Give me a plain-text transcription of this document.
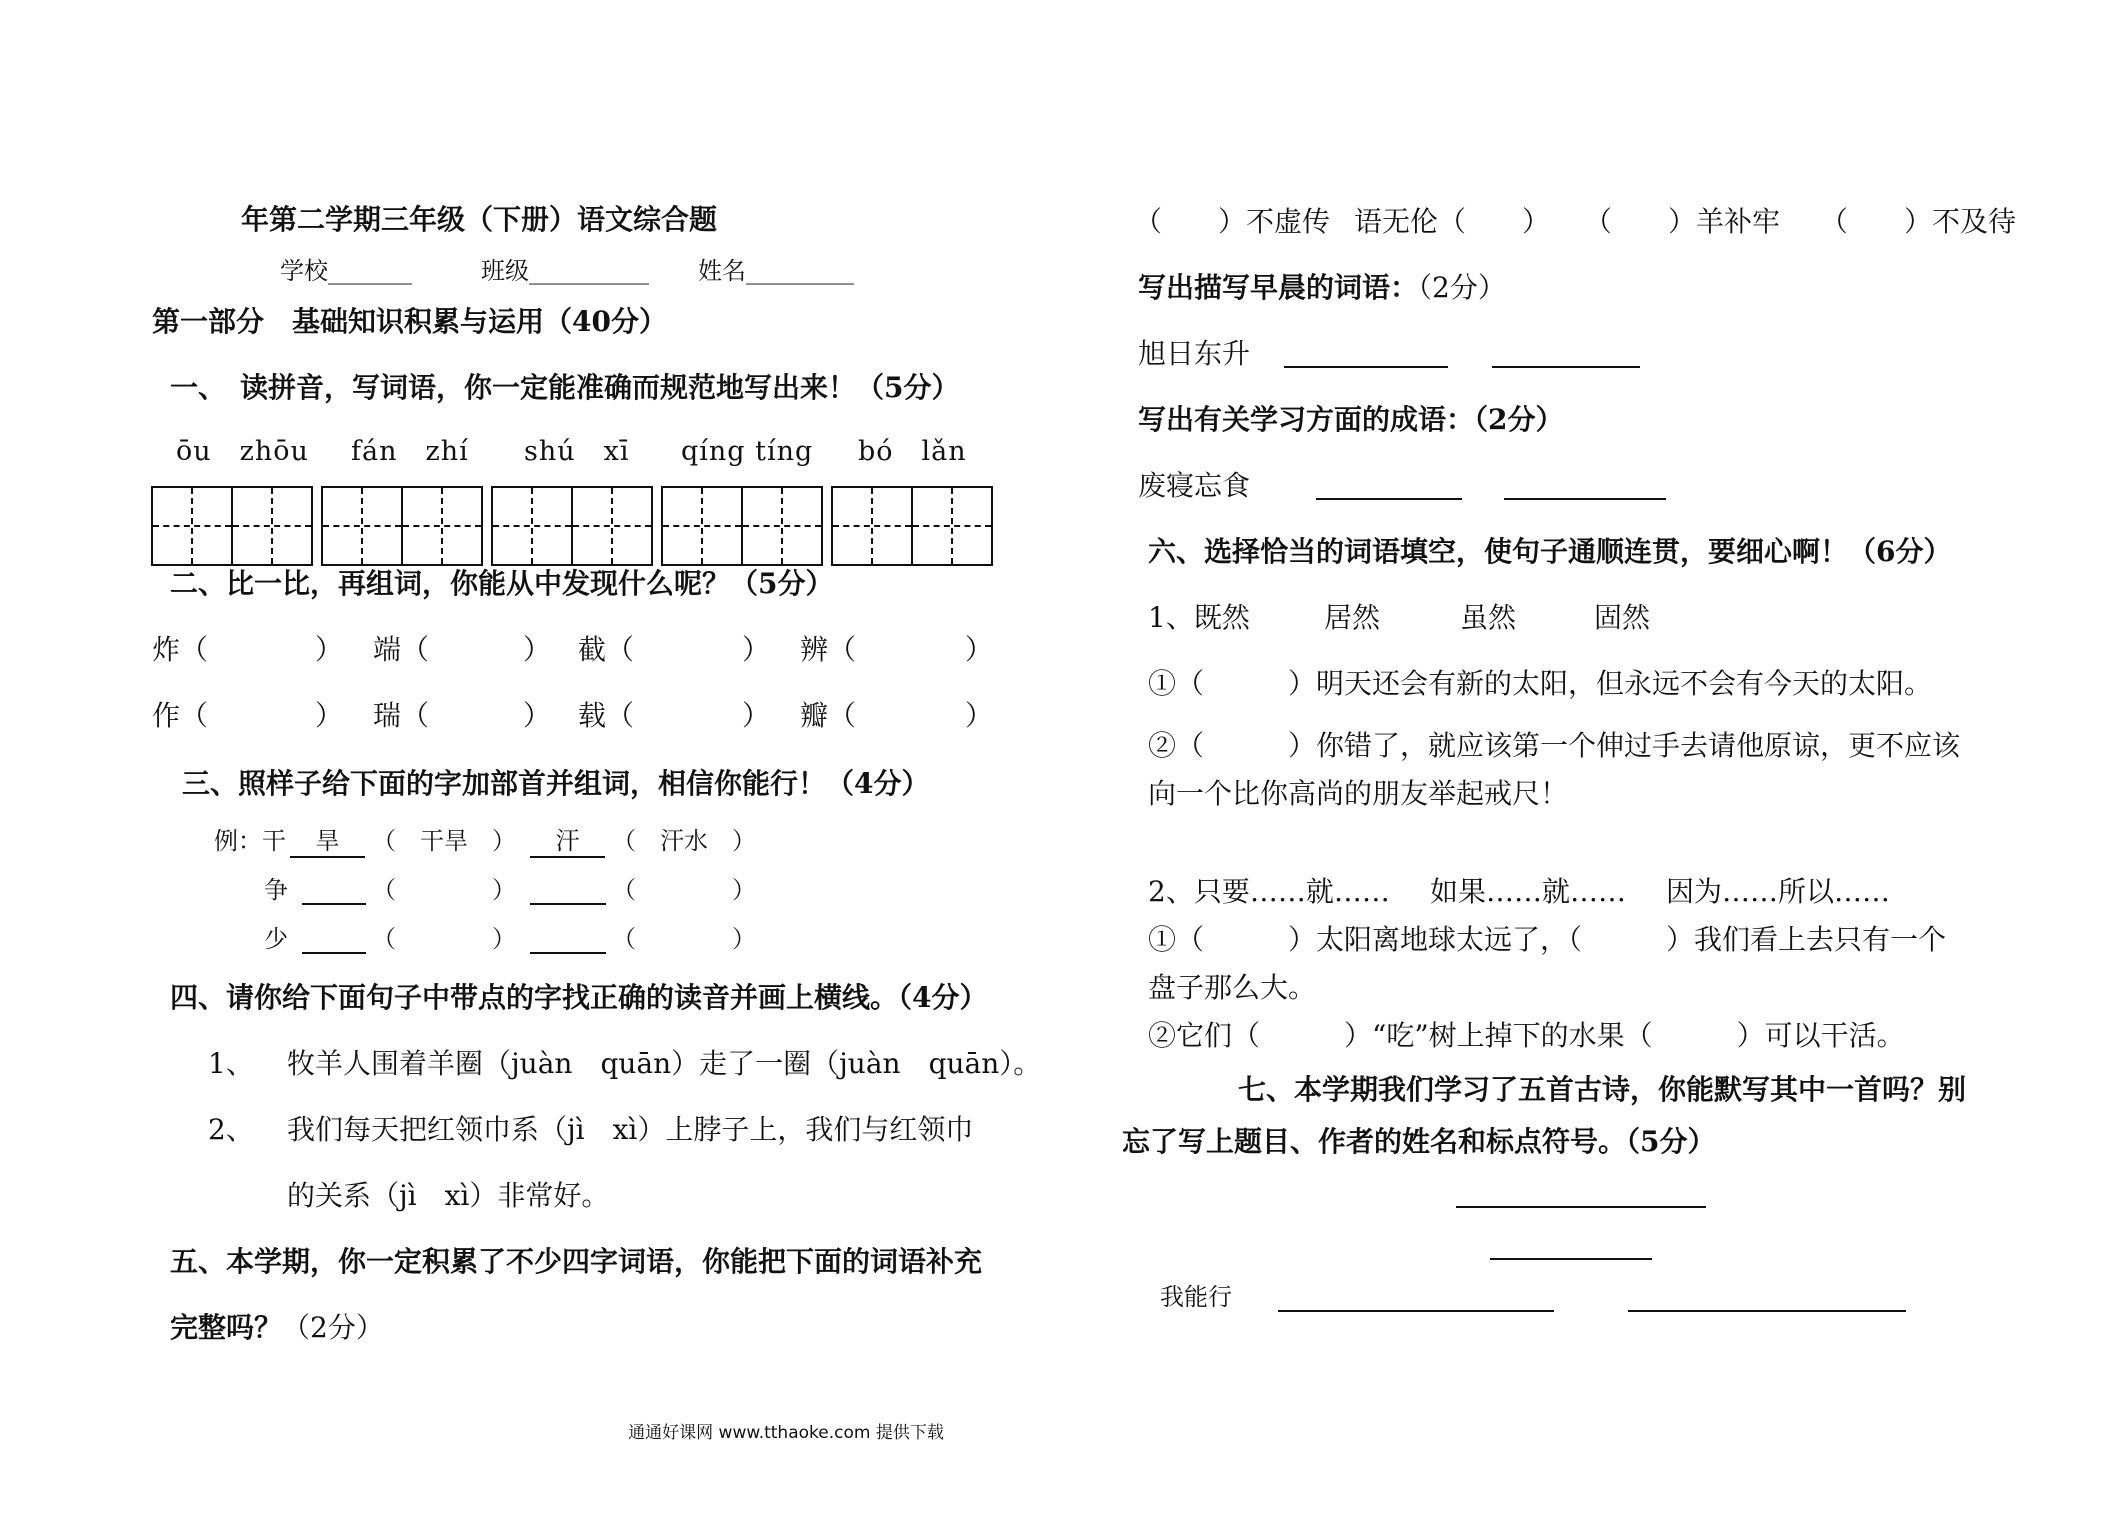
年第二学期三年级（下册）语文综合题
学校_______	班级__________ 姓名_________
第一部分　基础知识积累与运用（40分）
一、　读拼音，写词语，你一定能准确而规范地写出来！（5分）
ōu　zhōu fán　zhí shú　xī qíng tíng bó　lǎn
二、比一比，再组词，你能从中发现什么呢？（5分）
炸（	） 端（	） 截（	） 辨（	）
作（	） 瑞（	） 载（	） 瓣（	）
三、照样子给下面的字加部首并组词，相信你能行！（4分）
例：干	旱	（　干旱　）	汗	（　汗水　）
争	（	）	（	）
少	（	）	（	）
四、请你给下面句子中带点的字找正确的读音并画上横线。（4分）
1、 牧羊人围着羊圈（juàn　quān）走了一圈（juàn　quān）。
2、 我们每天把红领巾系（jì　xì）上脖子上，我们与红领巾
的关系（jì　xì）非常好。
五、本学期，你一定积累了不少四字词语，你能把下面的词语补充
完整吗？（2分）
（　　）不虚传 语无伦（　　） （　　）羊补牢 （　　）不及待
写出描写早晨的词语：（2分）
旭日东升
写出有关学习方面的成语：（2分）
废寝忘食
六、选择恰当的词语填空，使句子通顺连贯，要细心啊！（6分）
1、既然	居然	虽然	固然
①（　　　）明天还会有新的太阳，但永远不会有今天的太阳。
②（　　　）你错了，就应该第一个伸过手去请他原谅，更不应该
向一个比你高尚的朋友举起戒尺！
2、只要……就…… 如果……就…… 因为……所以……
①（　　　）太阳离地球太远了，（　　　）我们看上去只有一个
盘子那么大。
②它们（　　　）“吃”树上掉下的水果（　　　）可以干活。
七、本学期我们学习了五首古诗，你能默写其中一首吗？别
忘了写上题目、作者的姓名和标点符号。（5分）
我能行
通通好课网 www.tthaoke.com 提供下载
